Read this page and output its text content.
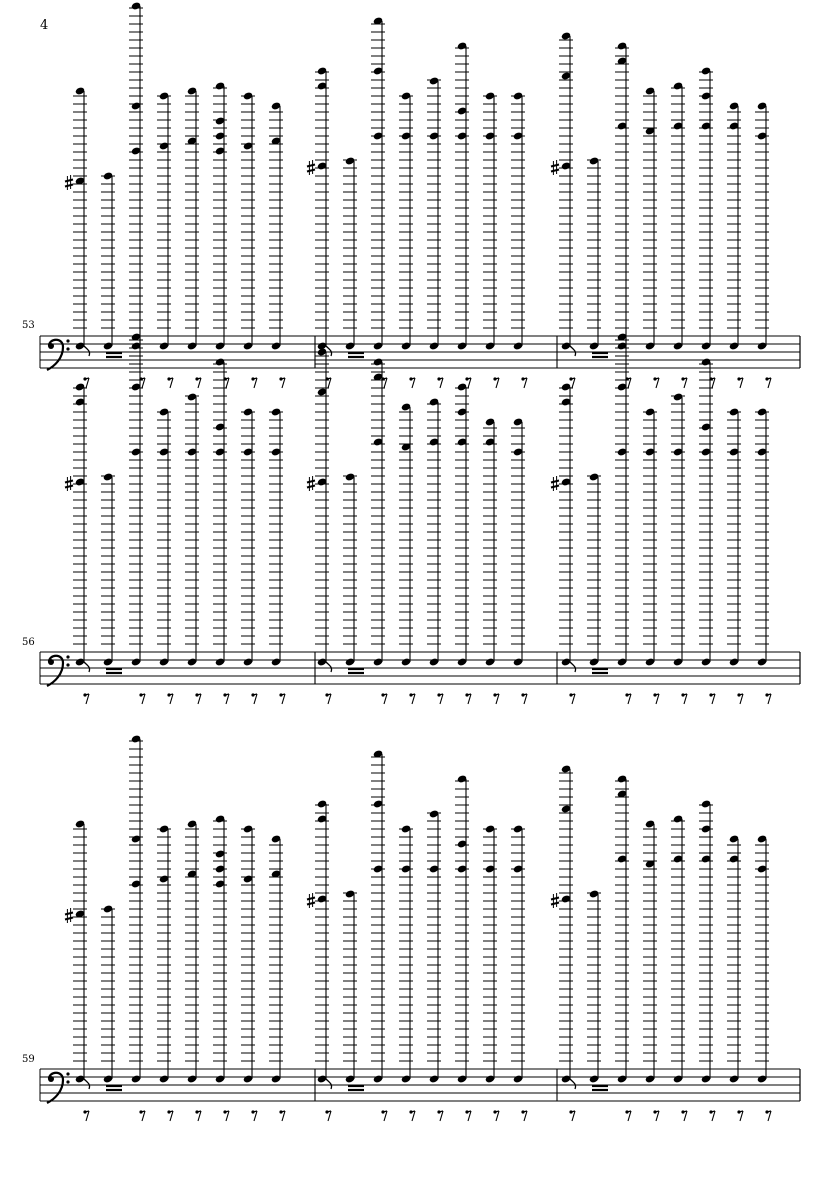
4
53
56
59
